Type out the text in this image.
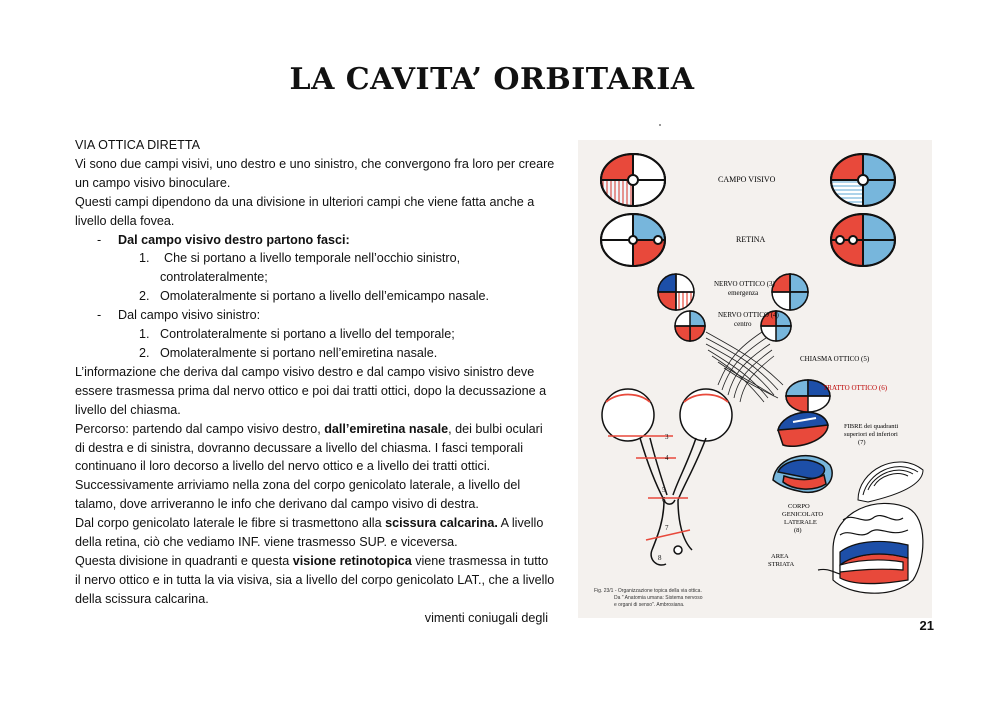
LA CAVITA’ ORBITARIA

VIA OTTICA DIRETTA

Vi sono due campi visivi, uno destro e uno sinistro, che convergono fra loro per creare un campo visivo binoculare.

Questi campi dipendono da una divisione in ulteriori campi che viene fatta anche a livello della fovea.

- Dal campo visivo destro partono fasci:
1. Che si portano a livello temporale nell’occhio sinistro, controlateralmente;
2. Omolateralmente si portano a livello dell’emicampo nasale.
- Dal campo visivo sinistro:
1. Controlateralmente si portano a livello del temporale;
2. Omolateralmente si portano nell’emiretina nasale.

L’informazione che deriva dal campo visivo destro e dal campo visivo sinistro deve essere trasmessa prima dal nervo ottico e poi dai tratti ottici, dopo la decussazione a livello del chiasma.

Percorso: partendo dal campo visivo destro, dall’emiretina nasale, dei bulbi oculari di destra e di sinistra, dovranno decussare a livello del chiasma. I fasci temporali continuano il loro decorso a livello del nervo ottico e a livello dei tratti ottici. Successivamente arriviamo nella zona del corpo genicolato laterale, a livello del talamo, dove arriveranno le info che derivano dal campo visivo di destra.

Dal corpo genicolato laterale le fibre si trasmettono alla scissura calcarina. A livello della retina, ciò che vediamo INF. viene trasmesso SUP. e viceversa.

Questa divisione in quadranti e questa visione retinotopica viene trasmessa in tutto il nervo ottico e in tutta la via visiva, sia a livello del corpo genicolato LAT., che a livello della scissura calcarina.

vimenti coniugali degli

CAMPO VISIVO
RETINA
NERVO OTTICO (3)
emergenza
NERVO OTTICO (4)
centro
CHIASMA OTTICO (5)
TRATTO OTTICO (6)
FIBRE dei quadranti
superiori ed inferiori
(7)
CORPO
GENICOLATO
LATERALE
(8)
AREA
STRIATA
3
4
5
6
7
8
Fig. 23/1 - Organizzazione topica della via ottica.
Da " Anatomia umana: Sistema nervoso
e organi di senso". Ambrosiana.
21
